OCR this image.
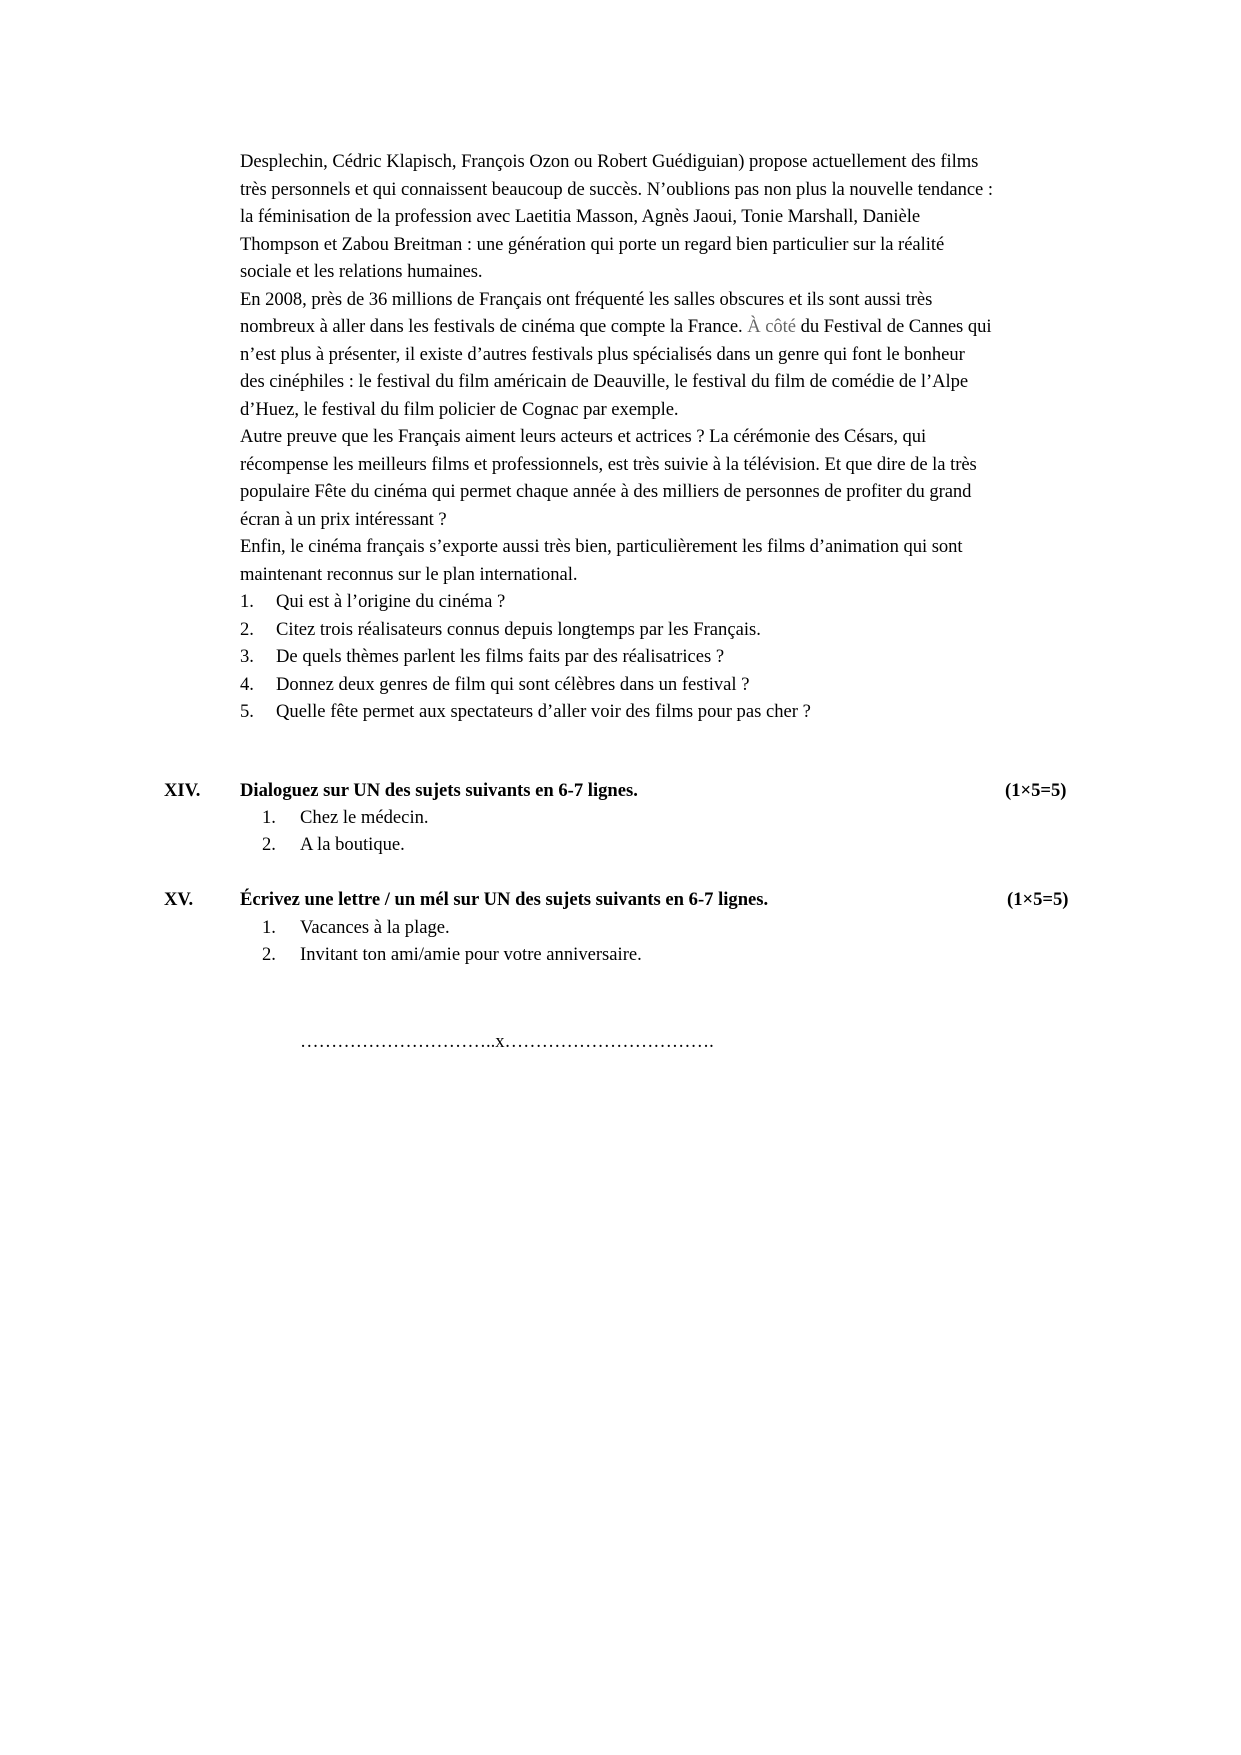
Desplechin, Cédric Klapisch, François Ozon ou Robert Guédiguian) propose actuellement des films
très personnels et qui connaissent beaucoup de succès. N’oublions pas non plus la nouvelle tendance :
la féminisation de la profession avec Laetitia Masson, Agnès Jaoui, Tonie Marshall, Danièle
Thompson et Zabou Breitman : une génération qui porte un regard bien particulier sur la réalité
sociale et les relations humaines.
En 2008, près de 36 millions de Français ont fréquenté les salles obscures et ils sont aussi très
nombreux à aller dans les festivals de cinéma que compte la France. À côté du Festival de Cannes qui
n’est plus à présenter, il existe d’autres festivals plus spécialisés dans un genre qui font le bonheur
des cinéphiles : le festival du film américain de Deauville, le festival du film de comédie de l’Alpe
d’Huez, le festival du film policier de Cognac par exemple.
Autre preuve que les Français aiment leurs acteurs et actrices ? La cérémonie des Césars, qui
récompense les meilleurs films et professionnels, est très suivie à la télévision. Et que dire de la très
populaire Fête du cinéma qui permet chaque année à des milliers de personnes de profiter du grand
écran à un prix intéressant ?
Enfin, le cinéma français s’exporte aussi très bien, particulièrement les films d’animation qui sont
maintenant reconnus sur le plan international.
1. Qui est à l’origine du cinéma ?
2. Citez trois réalisateurs connus depuis longtemps par les Français.
3. De quels thèmes parlent les films faits par des réalisatrices ?
4. Donnez deux genres de film qui sont célèbres dans un festival ?
5. Quelle fête permet aux spectateurs d’aller voir des films pour pas cher ?
XIV. Dialoguez sur UN des sujets suivants en 6-7 lignes.	(1×5=5)
1. Chez le médecin.
2. A la boutique.
XV.	Écrivez une lettre / un mél sur UN des sujets suivants en 6-7 lignes.	(1×5=5)
1. Vacances à la plage.
2. Invitant ton ami/amie pour votre anniversaire.
…………………………..x…………………………….
